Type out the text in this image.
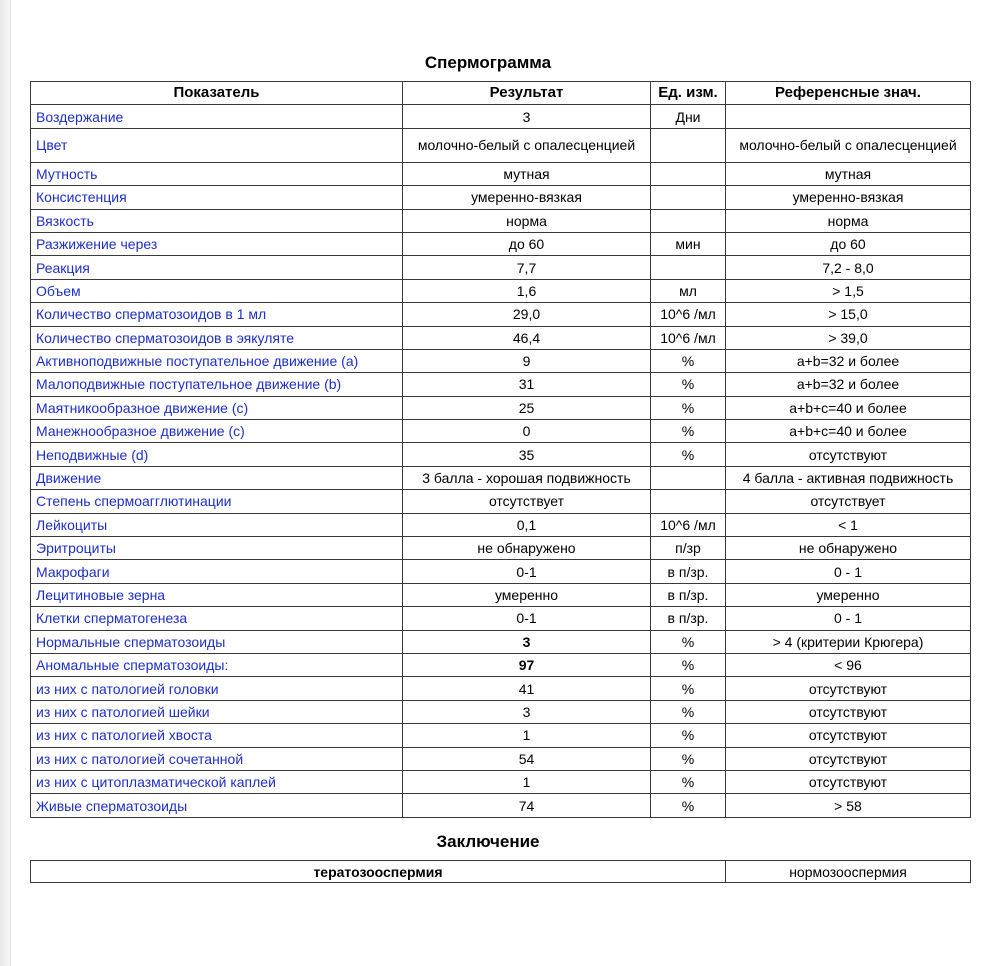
Спермограмма
Показатель	Результат	Ед. изм.	Референсные знач.
Воздержание	3	Дни	
Цвет	молочно-белый с опалесценцией		молочно-белый с опалесценцией
Мутность	мутная		мутная
Консистенция	умеренно-вязкая		умеренно-вязкая
Вязкость	норма		норма
Разжижение через	до 60	мин	до 60
Реакция	7,7		7,2 - 8,0
Объем	1,6	мл	> 1,5
Количество сперматозоидов в 1 мл	29,0	10^6 /мл	> 15,0
Количество сперматозоидов в эякуляте	46,4	10^6 /мл	> 39,0
Активноподвижные поступательное движение (a)	9	%	a+b=32 и более
Малоподвижные поступательное движение (b)	31	%	a+b=32 и более
Маятникообразное движение (c)	25	%	a+b+c=40 и более
Манежнообразное движение (c)	0	%	a+b+c=40 и более
Неподвижные (d)	35	%	отсутствуют
Движение	3 балла - хорошая подвижность		4 балла - активная подвижность
Степень спермоагглютинации	отсутствует		отсутствует
Лейкоциты	0,1	10^6 /мл	< 1
Эритроциты	не обнаружено	п/зр	не обнаружено
Макрофаги	0-1	в п/зр.	0 - 1
Лецитиновые зерна	умеренно	в п/зр.	умеренно
Клетки сперматогенеза	0-1	в п/зр.	0 - 1
Нормальные сперматозоиды	3	%	> 4 (критерии Крюгера)
Аномальные сперматозоиды:	97	%	< 96
из них с патологией головки	41	%	отсутствуют
из них с патологией шейки	3	%	отсутствуют
из них с патологией хвоста	1	%	отсутствуют
из них с патологией сочетанной	54	%	отсутствуют
из них с цитоплазматической каплей	1	%	отсутствуют
Живые сперматозоиды	74	%	> 58
Заключение
тератозооспермия	нормозооспермия
